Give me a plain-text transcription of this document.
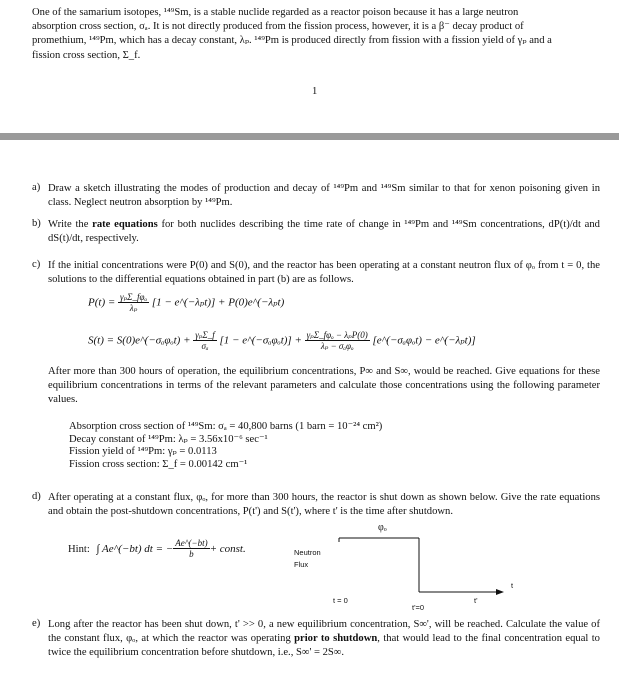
One of the samarium isotopes, ¹⁴⁹Sm, is a stable nuclide regarded as a reactor poison because it has a large neutron
absorption cross section, σₐ. It is not directly produced from the fission process, however, it is a β⁻ decay product of
promethium, ¹⁴⁹Pm, which has a decay constant, λₚ. ¹⁴⁹Pm is produced directly from fission with a fission yield of γₚ and a
fission cross section, Σ_f.
1
a) Draw a sketch illustrating the modes of production and decay of ¹⁴⁹Pm and ¹⁴⁹Sm similar to that for xenon poisoning given in class. Neglect neutron absorption by ¹⁴⁹Pm.
b) Write the rate equations for both nuclides describing the time rate of change in ¹⁴⁹Pm and ¹⁴⁹Sm concentrations, dP(t)/dt and dS(t)/dt, respectively.
c) If the initial concentrations were P(0) and S(0), and the reactor has been operating at a constant neutron flux of φₒ from t = 0, the solutions to the differential equations obtained in part (b) are as follows.
$P(t) = \frac{\text{γₚΣ\_fφₒ}}{\text{λₚ}} [1$ − e^(−λₚt)] + P(0)e^(−λₚt)
S(t) = S(0)e^(−σₐφₒt) + $\frac{\text{γₚΣ\_f}}{\text{σₐ}} [1$ − e^(−σₐφₒt)] + $\frac{\text{γₚΣ\_fφₒ − λₚP(0)}}{\text{λₚ − σₐφₒ}}$ [e^(−σₐφₒt) − e^(−λₚt)]
After more than 300 hours of operation, the equilibrium concentrations, P∞ and S∞, would be reached. Give equations for these equilibrium concentrations in terms of the relevant parameters and calculate those concentrations using the following parameter values.
Absorption cross section of ¹⁴⁹Sm: σₐ = 40,800 barns (1 barn = 10⁻²⁴ cm²)
Decay constant of ¹⁴⁹Pm: λₚ = 3.56x10⁻⁶ sec⁻¹
Fission yield of ¹⁴⁹Pm: γₚ = 0.0113
Fission cross section: Σ_f = 0.00142 cm⁻¹
d) After operating at a constant flux, φₒ, for more than 300 hours, the reactor is shut down as shown below. Give the rate equations and obtain the post-shutdown concentrations, P(t') and S(t'), where t' is the time after shutdown.
Hint: ∫ Ae^(−bt) dt = − $\frac{Ae\^{}(-bt)}{b}$ + const.	Neutron
Flux
φₒ
t = 0
t'=0
t
t'
e) Long after the reactor has been shut down, t' >> 0, a new equilibrium concentration, S∞', will be reached. Calculate the value of the constant flux, φₒ, at which the reactor was operating prior to shutdown, that would lead to the final concentration equal to twice the equilibrium concentration before shutdown, i.e., S∞' = 2S∞.
